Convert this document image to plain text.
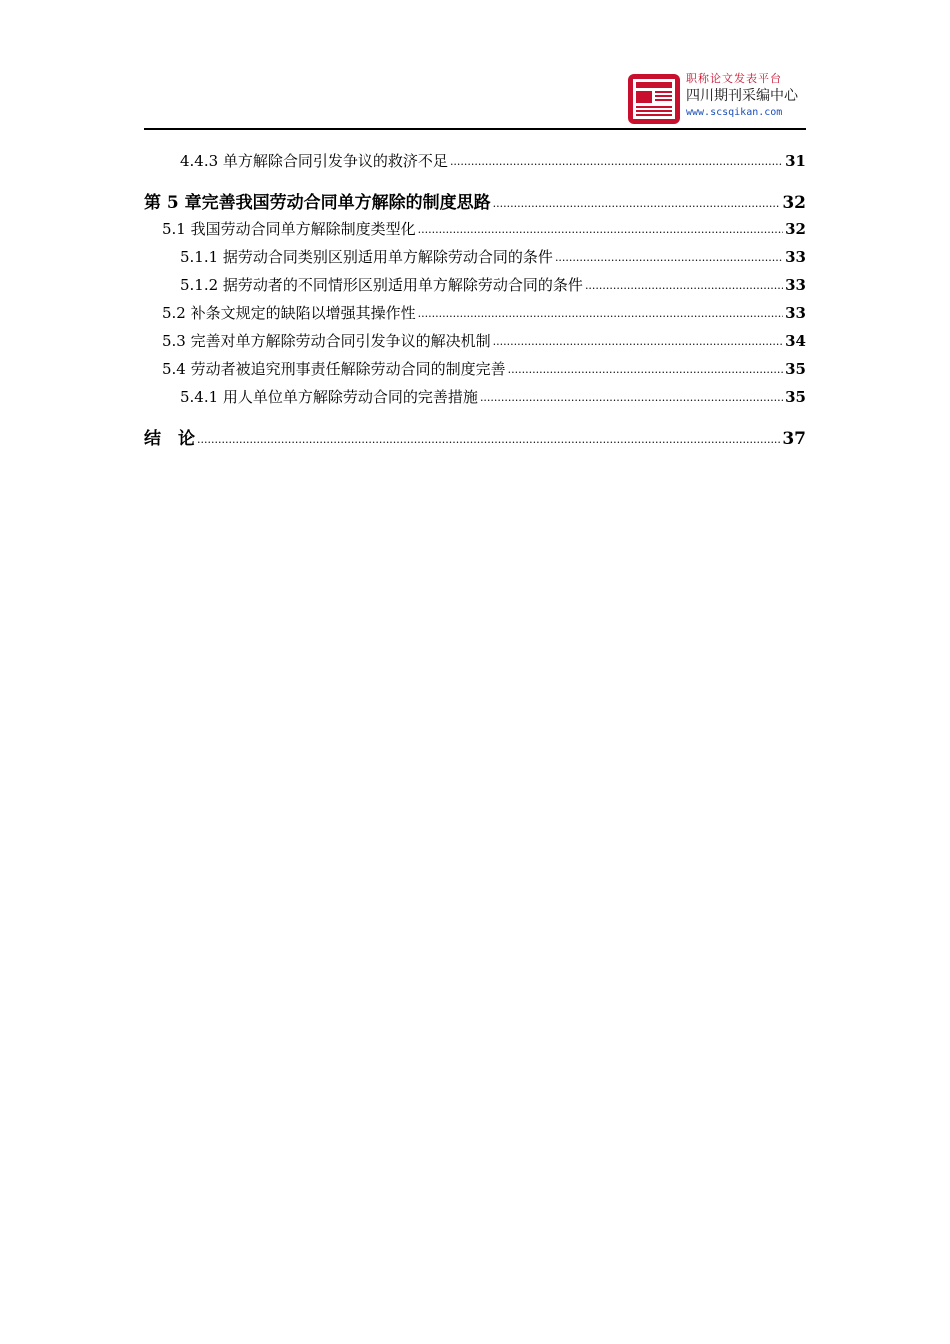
职称论文发表平台
四川期刊采编中心
www.scsqikan.com
4.4.3 单方解除合同引发争议的救济不足 .....	31
第 5 章完善我国劳动合同单方解除的制度思路 .....	32
5.1 我国劳动合同单方解除制度类型化 .....	32
5.1.1 据劳动合同类别区别适用单方解除劳动合同的条件 .....	33
5.1.2 据劳动者的不同情形区别适用单方解除劳动合同的条件 .....	33
5.2 补条文规定的缺陷以增强其操作性 .....	33
5.3 完善对单方解除劳动合同引发争议的解决机制 .....	34
5.4 劳动者被追究刑事责任解除劳动合同的制度完善 .....	35
5.4.1 用人单位单方解除劳动合同的完善措施 .....	35
结　论 .....	37
